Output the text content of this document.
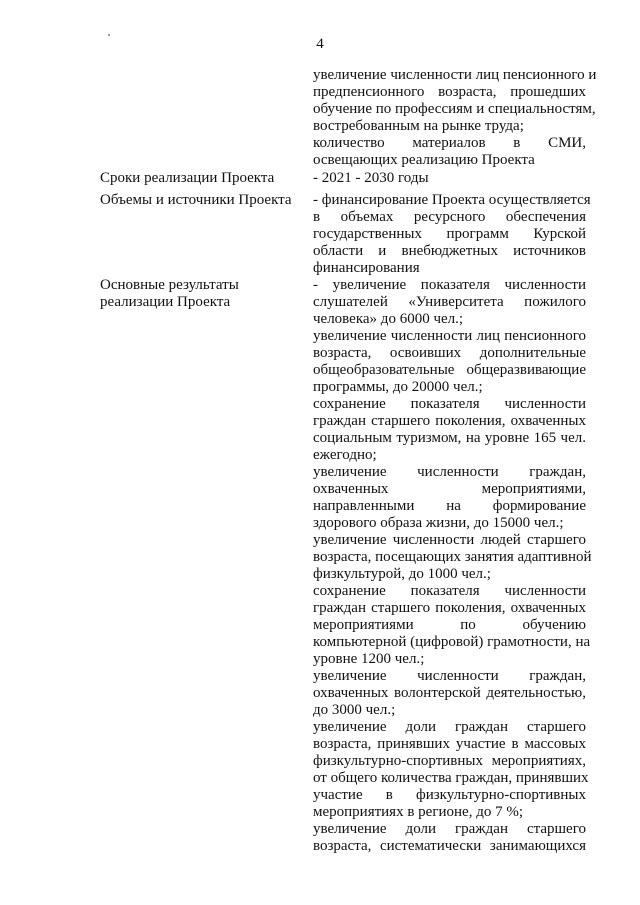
4
увеличение численности лиц пенсионного и
предпенсионного возраста, прошедших
обучение по профессиям и специальностям,
востребованным на рынке труда;
количество материалов в СМИ,
освещающих реализацию Проекта
Сроки реализации Проекта	- 2021 - 2030 годы
Объемы и источники Проекта - финансирование Проекта осуществляется
в объемах ресурсного обеспечения
государственных программ Курской
области и внебюджетных источников
финансирования
Основные результаты
реализации Проекта
- увеличение показателя численности
слушателей «Университета пожилого
человека» до 6000 чел.;
увеличение численности лиц пенсионного
возраста, освоивших дополнительные
общеобразовательные общеразвивающие
программы, до 20000 чел.;
сохранение показателя численности
граждан старшего поколения, охваченных
социальным туризмом, на уровне 165 чел.
ежегодно;
увеличение численности граждан,
охваченных мероприятиями,
направленными на формирование
здорового образа жизни, до 15000 чел.;
увеличение численности людей старшего
возраста, посещающих занятия адаптивной
физкультурой, до 1000 чел.;
сохранение показателя численности
граждан старшего поколения, охваченных
мероприятиями по обучению
компьютерной (цифровой) грамотности, на
уровне 1200 чел.;
увеличение численности граждан,
охваченных волонтерской деятельностью,
до 3000 чел.;
увеличение доли граждан старшего
возраста, принявших участие в массовых
физкультурно-спортивных мероприятиях,
от общего количества граждан, принявших
участие в физкультурно-спортивных
мероприятиях в регионе, до 7 %;
увеличение доли граждан старшего
возраста, систематически занимающихся
